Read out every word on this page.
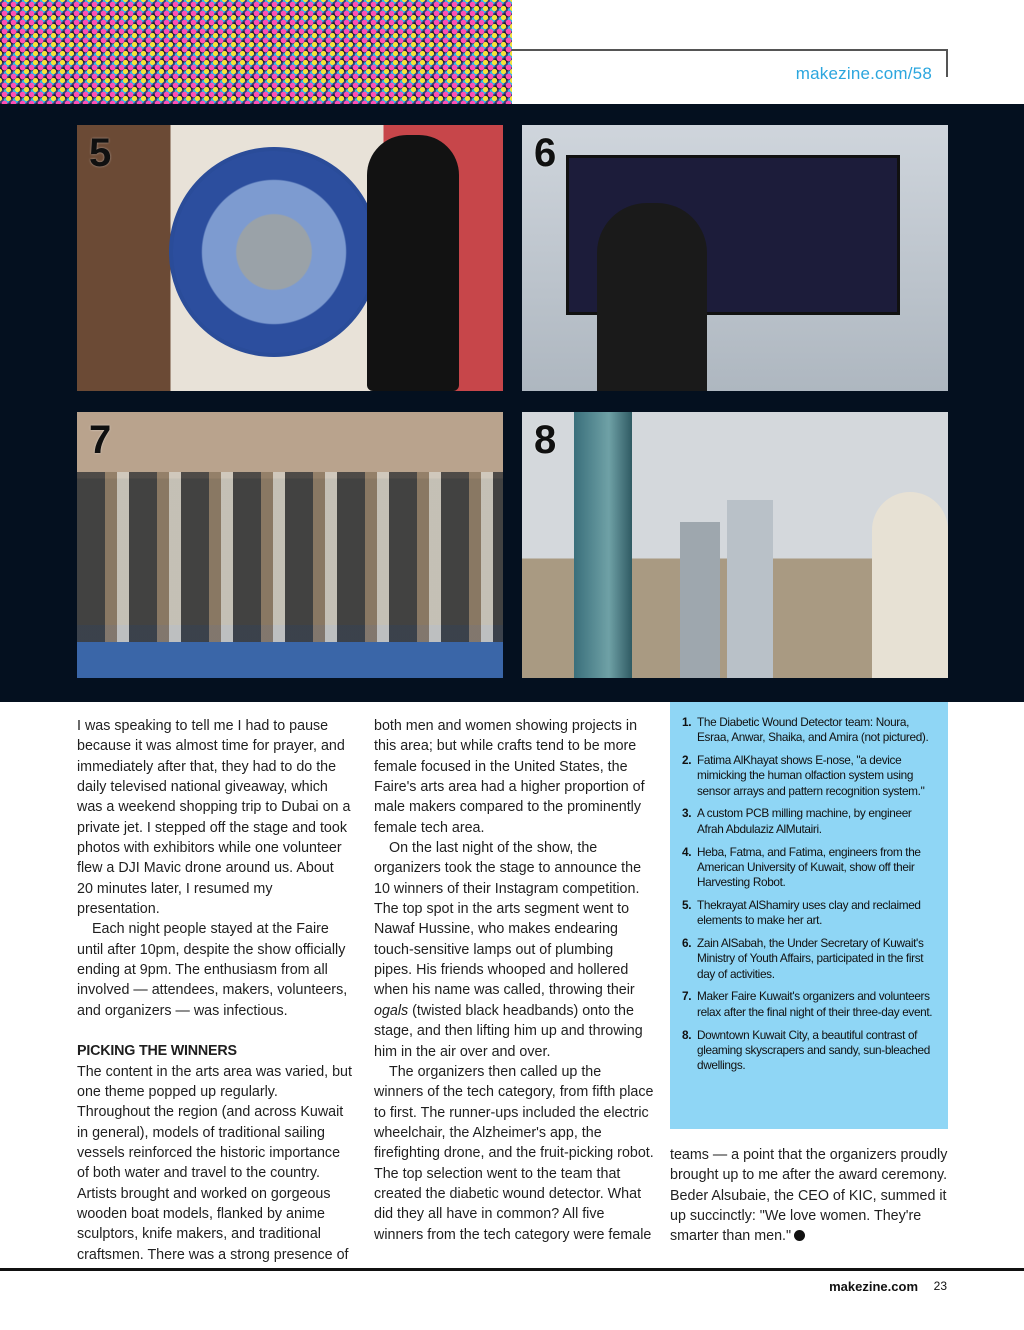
makezine.com/58
5	6
7	8

I was speaking to tell me I had to pause because it was almost time for prayer, and immediately after that, they had to do the daily televised national giveaway, which was a weekend shopping trip to Dubai on a private jet. I stepped off the stage and took photos with exhibitors while one volunteer flew a DJI Mavic drone around us. About 20 minutes later, I resumed my presentation.

Each night people stayed at the Faire until after 10pm, despite the show officially ending at 9pm. The enthusiasm from all involved — attendees, makers, volunteers, and organizers — was infectious.

PICKING THE WINNERS

The content in the arts area was varied, but one theme popped up regularly. Throughout the region (and across Kuwait in general), models of traditional sailing vessels reinforced the historic importance of both water and travel to the country. Artists brought and worked on gorgeous wooden boat models, flanked by anime sculptors, knife makers, and traditional craftsmen. There was a strong presence of

both men and women showing projects in this area; but while crafts tend to be more female focused in the United States, the Faire's arts area had a higher proportion of male makers compared to the prominently female tech area.

On the last night of the show, the organizers took the stage to announce the 10 winners of their Instagram competition. The top spot in the arts segment went to Nawaf Hussine, who makes endearing touch-sensitive lamps out of plumbing pipes. His friends whooped and hollered when his name was called, throwing their ogals (twisted black headbands) onto the stage, and then lifting him up and throwing him in the air over and over.

The organizers then called up the winners of the tech category, from fifth place to first. The runner-ups included the electric wheelchair, the Alzheimer's app, the firefighting drone, and the fruit-picking robot. The top selection went to the team that created the diabetic wound detector. What did they all have in common? All five winners from the tech category were female

1. The Diabetic Wound Detector team: Noura, Esraa, Anwar, Shaika, and Amira (not pictured).
2. Fatima AlKhayat shows E-nose, "a device mimicking the human olfaction system using sensor arrays and pattern recognition system."
3. A custom PCB milling machine, by engineer Afrah Abdulaziz AlMutairi.
4. Heba, Fatma, and Fatima, engineers from the American University of Kuwait, show off their Harvesting Robot.
5. Thekrayat AlShamiry uses clay and reclaimed elements to make her art.
6. Zain AlSabah, the Under Secretary of Kuwait's Ministry of Youth Affairs, participated in the first day of activities.
7. Maker Faire Kuwait's organizers and volunteers relax after the final night of their three-day event.
8. Downtown Kuwait City, a beautiful contrast of gleaming skyscrapers and sandy, sun-bleached dwellings.

teams — a point that the organizers proudly brought up to me after the award ceremony. Beder Alsubaie, the CEO of KIC, summed it up succinctly: "We love women. They're smarter than men."

makezine.com 23
